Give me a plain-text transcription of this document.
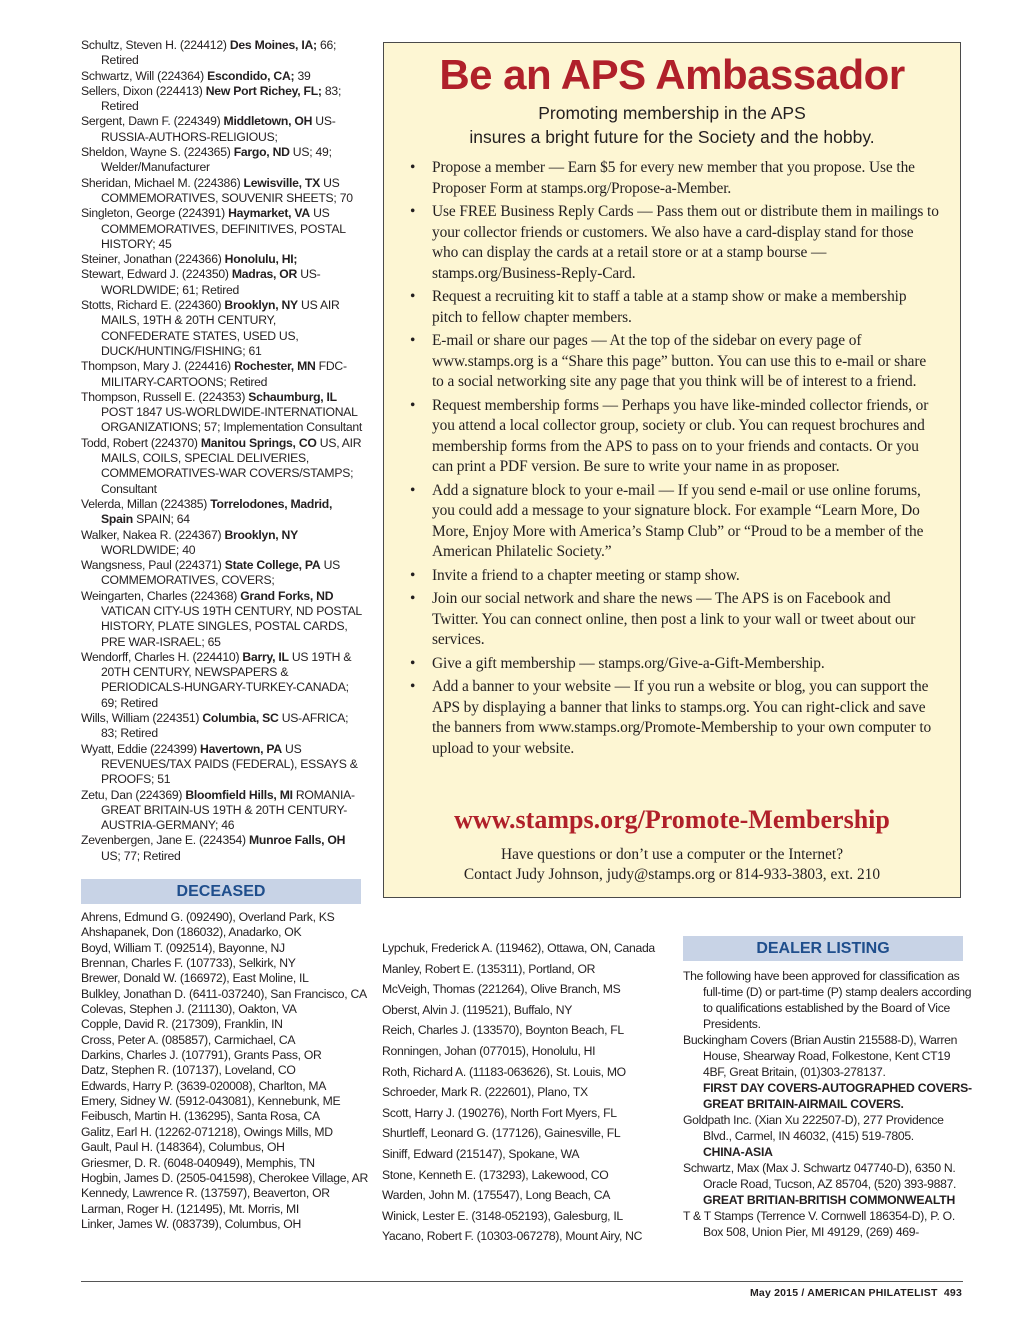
Schultz, Steven H. (224412) Des Moines, IA; 66; Retired
Schwartz, Will (224364) Escondido, CA; 39
Sellers, Dixon (224413) New Port Richey, FL; 83; Retired
Sergent, Dawn F. (224349) Middletown, OH US-RUSSIA-AUTHORS-RELIGIOUS;
Sheldon, Wayne S. (224365) Fargo, ND US; 49; Welder/Manufacturer
Sheridan, Michael M. (224386) Lewisville, TX US COMMEMORATIVES, SOUVENIR SHEETS; 70
Singleton, George (224391) Haymarket, VA US COMMEMORATIVES, DEFINITIVES, POSTAL HISTORY; 45
Steiner, Jonathan (224366) Honolulu, HI;
Stewart, Edward J. (224350) Madras, OR US-WORLDWIDE; 61; Retired
Stotts, Richard E. (224360) Brooklyn, NY US AIR MAILS, 19TH & 20TH CENTURY, CONFEDERATE STATES, USED US, DUCK/HUNTING/FISHING; 61
Thompson, Mary J. (224416) Rochester, MN FDC-MILITARY-CARTOONS; Retired
Thompson, Russell E. (224353) Schaumburg, IL POST 1847 US-WORLDWIDE-INTERNATIONAL ORGANIZATIONS; 57; Implementation Consultant
Todd, Robert (224370) Manitou Springs, CO US, AIR MAILS, COILS, SPECIAL DELIVERIES, COMMEMORATIVES-WAR COVERS/STAMPS; Consultant
Velerda, Millan (224385) Torrelodones, Madrid, Spain SPAIN; 64
Walker, Nakea R. (224367) Brooklyn, NY WORLDWIDE; 40
Wangsness, Paul (224371) State College, PA US COMMEMORATIVES, COVERS;
Weingarten, Charles (224368) Grand Forks, ND VATICAN CITY-US 19TH CENTURY, ND POSTAL HISTORY, PLATE SINGLES, POSTAL CARDS, PRE WAR-ISRAEL; 65
Wendorff, Charles H. (224410) Barry, IL US 19TH & 20TH CENTURY, NEWSPAPERS & PERIODICALS-HUNGARY-TURKEY-CANADA; 69; Retired
Wills, William (224351) Columbia, SC US-AFRICA; 83; Retired
Wyatt, Eddie (224399) Havertown, PA US REVENUES/TAX PAIDS (FEDERAL), ESSAYS & PROOFS; 51
Zetu, Dan (224369) Bloomfield Hills, MI ROMANIA-GREAT BRITAIN-US 19TH & 20TH CENTURY-AUSTRIA-GERMANY; 46
Zevenbergen, Jane E. (224354) Munroe Falls, OH US; 77; Retired
DECEASED
Ahrens, Edmund G. (092490), Overland Park, KS
Ahshapanek, Don (186032), Anadarko, OK
Boyd, William T. (092514), Bayonne, NJ
Brennan, Charles F. (107733), Selkirk, NY
Brewer, Donald W. (166972), East Moline, IL
Bulkley, Jonathan D. (6411-037240), San Francisco, CA
Colevas, Stephen J. (211130), Oakton, VA
Copple, David R. (217309), Franklin, IN
Cross, Peter A. (085857), Carmichael, CA
Darkins, Charles J. (107791), Grants Pass, OR
Datz, Stephen R. (107137), Loveland, CO
Edwards, Harry P. (3639-020008), Charlton, MA
Emery, Sidney W. (5912-043081), Kennebunk, ME
Feibusch, Martin H. (136295), Santa Rosa, CA
Galitz, Earl H. (12262-071218), Owings Mills, MD
Gault, Paul H. (148364), Columbus, OH
Griesmer, D. R. (6048-040949), Memphis, TN
Hogbin, James D. (2505-041598), Cherokee Village, AR
Kennedy, Lawrence R. (137597), Beaverton, OR
Larman, Roger H. (121495), Mt. Morris, MI
Linker, James W. (083739), Columbus, OH
Lypchuk, Frederick A. (119462), Ottawa, ON, Canada
Manley, Robert E. (135311), Portland, OR
McVeigh, Thomas (221264), Olive Branch, MS
Oberst, Alvin J. (119521), Buffalo, NY
Reich, Charles J. (133570), Boynton Beach, FL
Ronningen, Johan (077015), Honolulu, HI
Roth, Richard A. (11183-063626), St. Louis, MO
Schroeder, Mark R. (222601), Plano, TX
Scott, Harry J. (190276), North Fort Myers, FL
Shurtleff, Leonard G. (177126), Gainesville, FL
Siniff, Edward (215147), Spokane, WA
Stone, Kenneth E. (173293), Lakewood, CO
Warden, John M. (175547), Long Beach, CA
Winick, Lester E. (3148-052193), Galesburg, IL
Yacano, Robert F. (10303-067278), Mount Airy, NC
Be an APS Ambassador
Promoting membership in the APS
insures a bright future for the Society and the hobby.
• Propose a member — Earn $5 for every new member that you propose. Use the Proposer Form at stamps.org/Propose-a-Member.
• Use FREE Business Reply Cards — Pass them out or distribute them in mailings to your collector friends or customers. We also have a card-display stand for those who can display the cards at a retail store or at a stamp bourse — stamps.org/Business-Reply-Card.
• Request a recruiting kit to staff a table at a stamp show or make a membership pitch to fellow chapter members.
• E-mail or share our pages — At the top of the sidebar on every page of www.stamps.org is a “Share this page” button. You can use this to e-mail or share to a social networking site any page that you think will be of interest to a friend.
• Request membership forms — Perhaps you have like-minded collector friends, or you attend a local collector group, society or club. You can request brochures and membership forms from the APS to pass on to your friends and contacts. Or you can print a PDF version. Be sure to write your name in as proposer.
• Add a signature block to your e-mail — If you send e-mail or use online forums, you could add a message to your signature block. For example “Learn More, Do More, Enjoy More with America’s Stamp Club” or “Proud to be a member of the American Philatelic Society.”
• Invite a friend to a chapter meeting or stamp show.
• Join our social network and share the news — The APS is on Facebook and Twitter. You can connect online, then post a link to your wall or tweet about our services.
• Give a gift membership — stamps.org/Give-a-Gift-Membership.
• Add a banner to your website — If you run a website or blog, you can support the APS by displaying a banner that links to stamps.org. You can right-click and save the banners from www.stamps.org/Promote-Membership to your own computer to upload to your website.
www.stamps.org/Promote-Membership
Have questions or don’t use a computer or the Internet?
Contact Judy Johnson, judy@stamps.org or 814-933-3803, ext. 210
DEALER LISTING
The following have been approved for classification as full-time (D) or part-time (P) stamp dealers according to qualifications established by the Board of Vice Presidents.
Buckingham Covers (Brian Austin 215588-D), Warren House, Shearway Road, Folkestone, Kent CT19 4BF, Great Britain, (01)303-278137.
FIRST DAY COVERS-AUTOGRAPHED COVERS-GREAT BRITAIN-AIRMAIL COVERS.
Goldpath Inc. (Xian Xu 222507-D), 277 Providence Blvd., Carmel, IN 46032, (415) 519-7805.
CHINA-ASIA
Schwartz, Max (Max J. Schwartz 047740-D), 6350 N. Oracle Road, Tucson, AZ 85704, (520) 393-9887.
GREAT BRITIAN-BRITISH COMMONWEALTH
T & T Stamps (Terrence V. Cornwell 186354-D), P. O. Box 508, Union Pier, MI 49129, (269) 469-
May 2015 / AMERICAN PHILATELIST 493
